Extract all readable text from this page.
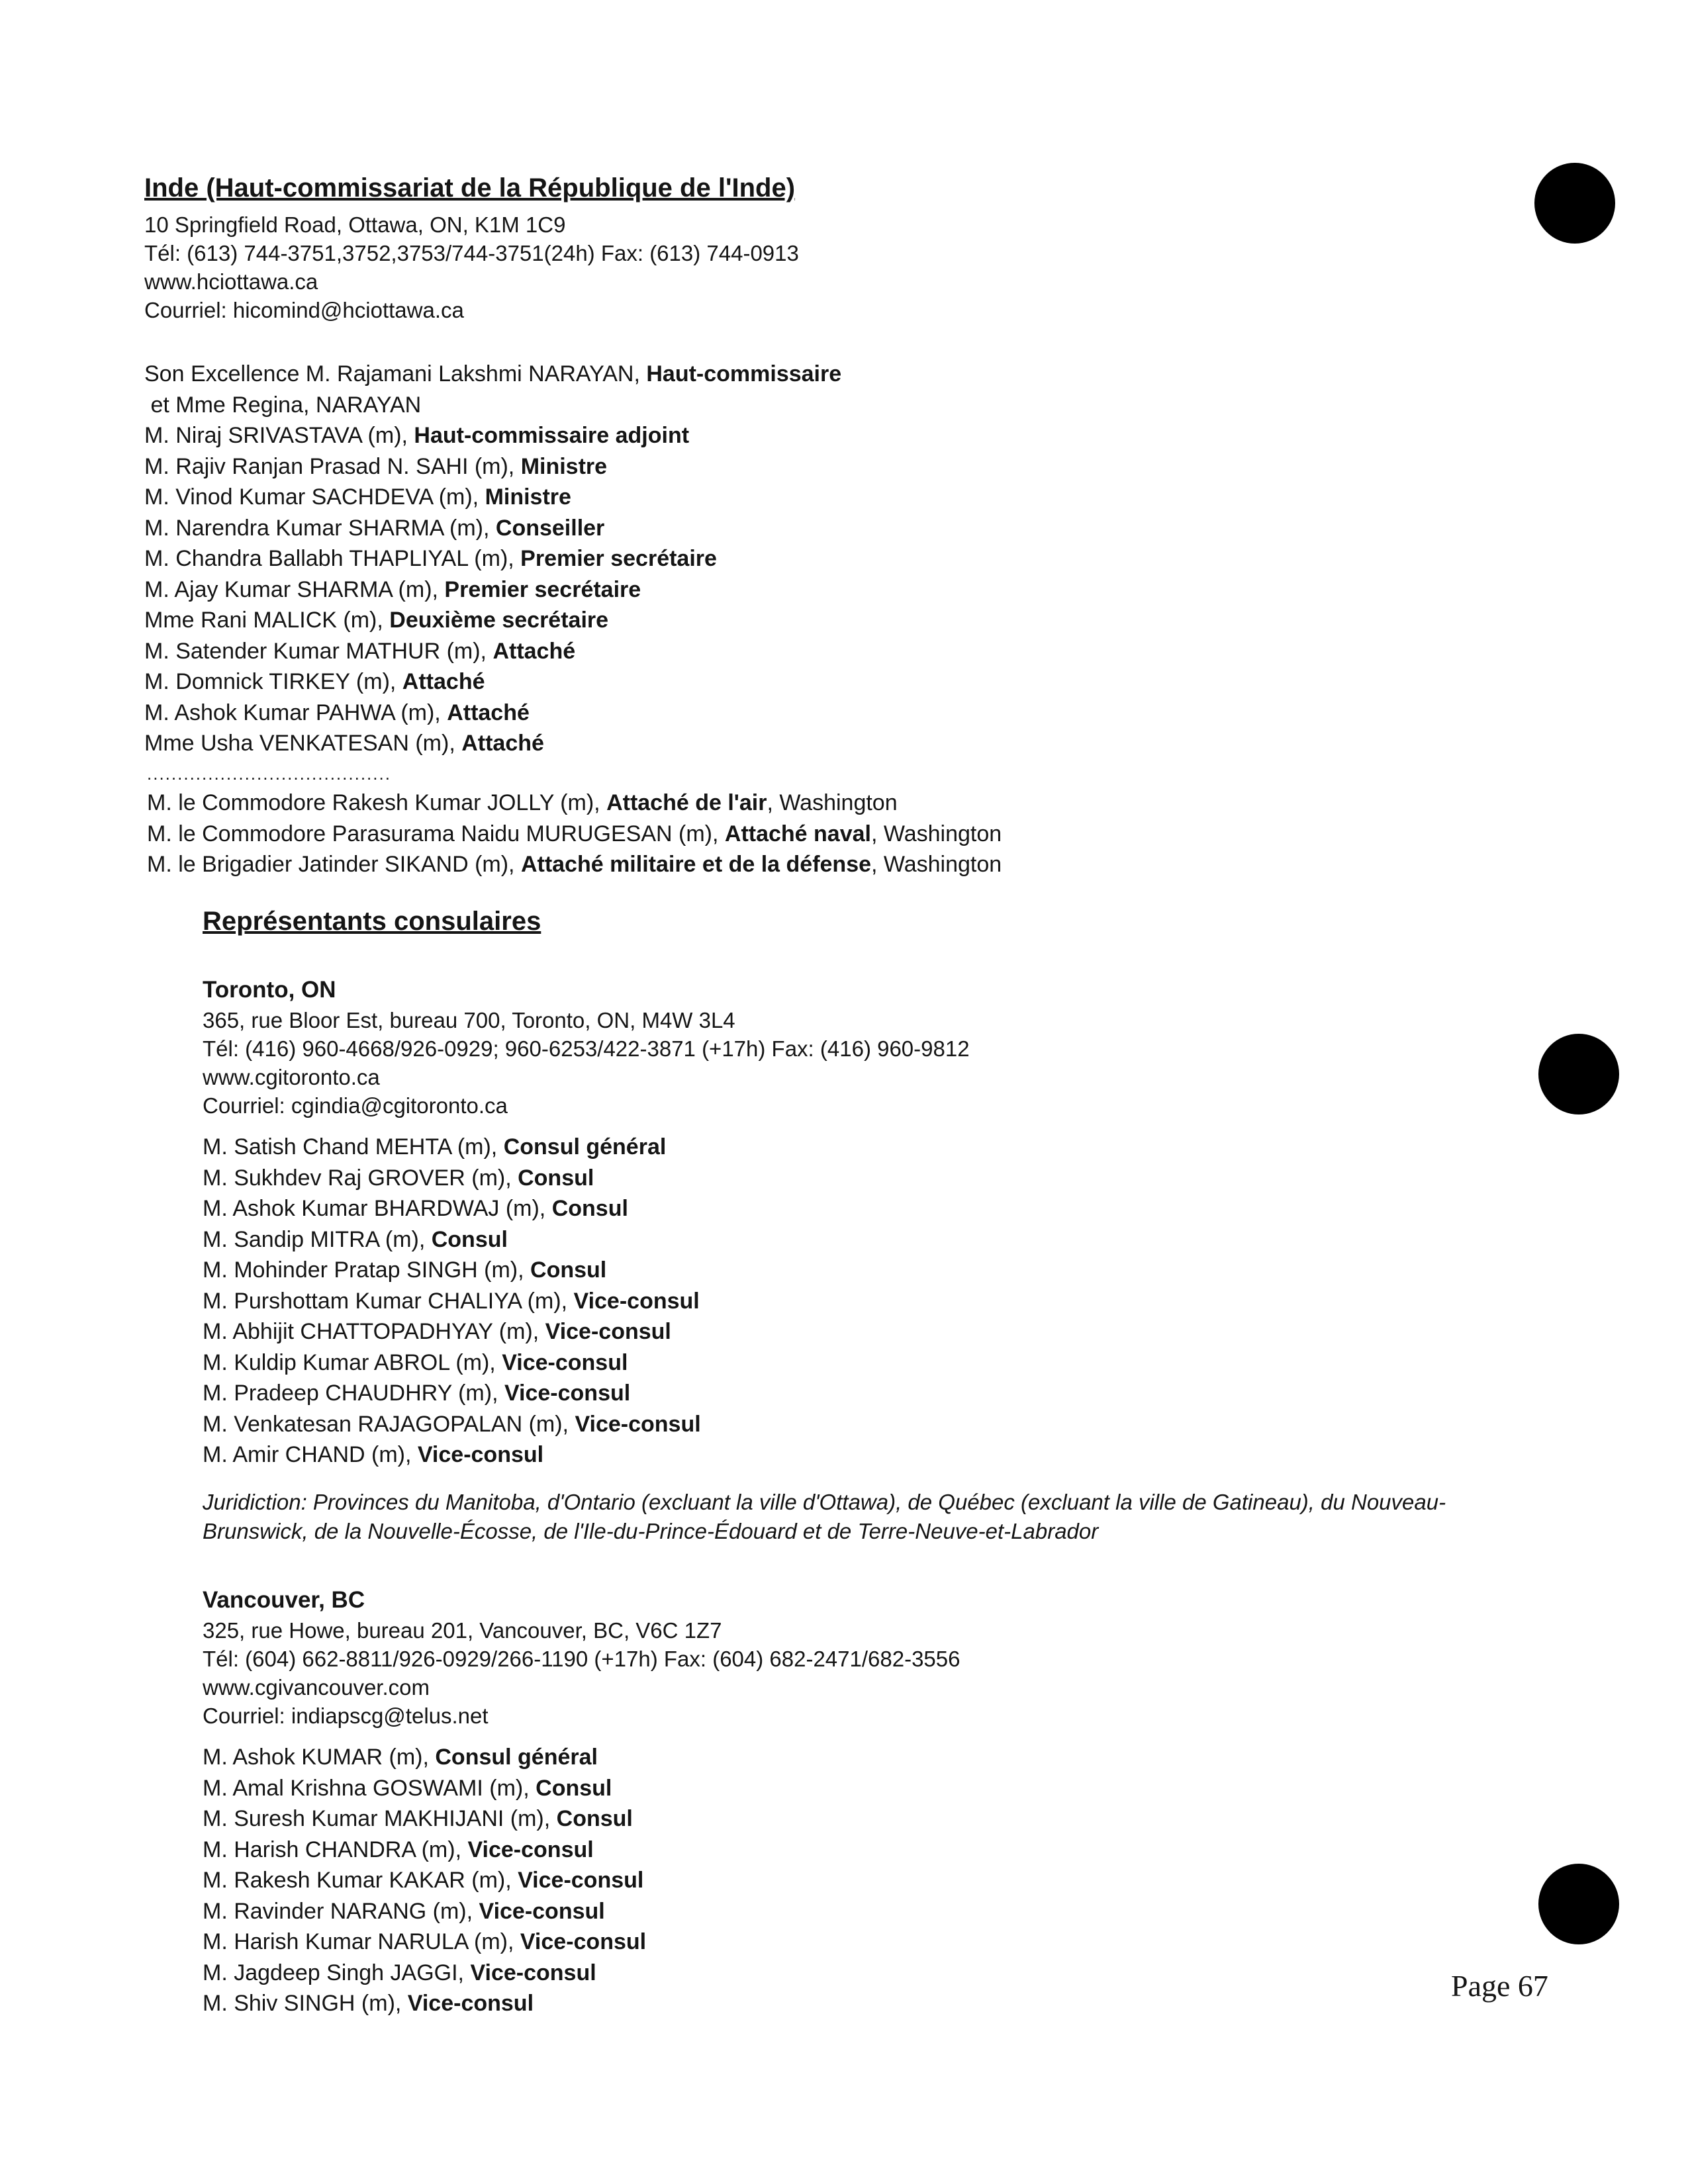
Inde (Haut-commissariat de la République de l'Inde)
10 Springfield Road, Ottawa, ON, K1M 1C9
Tél: (613) 744-3751,3752,3753/744-3751(24h) Fax: (613) 744-0913
www.hciottawa.ca
Courriel: hicomind@hciottawa.ca
Son Excellence M. Rajamani Lakshmi NARAYAN, Haut-commissaire
et Mme Regina, NARAYAN
M. Niraj SRIVASTAVA (m), Haut-commissaire adjoint
M. Rajiv Ranjan Prasad N. SAHI (m), Ministre
M. Vinod Kumar SACHDEVA (m), Ministre
M. Narendra Kumar SHARMA (m), Conseiller
M. Chandra Ballabh THAPLIYAL (m), Premier secrétaire
M. Ajay Kumar SHARMA (m), Premier secrétaire
Mme Rani MALICK (m), Deuxième secrétaire
M. Satender Kumar MATHUR (m), Attaché
M. Domnick TIRKEY (m), Attaché
M. Ashok Kumar PAHWA (m), Attaché
Mme Usha VENKATESAN (m), Attaché
........................................
M. le Commodore Rakesh Kumar JOLLY (m), Attaché de l'air, Washington
M. le Commodore Parasurama Naidu MURUGESAN (m), Attaché naval, Washington
M. le Brigadier Jatinder SIKAND (m), Attaché militaire et de la défense, Washington
Représentants consulaires
Toronto, ON
365, rue Bloor Est, bureau 700, Toronto, ON, M4W 3L4
Tél: (416) 960-4668/926-0929; 960-6253/422-3871 (+17h) Fax: (416) 960-9812
www.cgitoronto.ca
Courriel: cgindia@cgitoronto.ca
M. Satish Chand MEHTA (m), Consul général
M. Sukhdev Raj GROVER (m), Consul
M. Ashok Kumar BHARDWAJ (m), Consul
M. Sandip MITRA (m), Consul
M. Mohinder Pratap SINGH (m), Consul
M. Purshottam Kumar CHALIYA (m), Vice-consul
M. Abhijit CHATTOPADHYAY (m), Vice-consul
M. Kuldip Kumar ABROL (m), Vice-consul
M. Pradeep CHAUDHRY (m), Vice-consul
M. Venkatesan RAJAGOPALAN (m), Vice-consul
M. Amir CHAND (m), Vice-consul

Juridiction: Provinces du Manitoba, d'Ontario (excluant la ville d'Ottawa), de Québec (excluant la ville de Gatineau), du Nouveau-Brunswick, de la Nouvelle-Écosse, de l'Ile-du-Prince-Édouard et de Terre-Neuve-et-Labrador

Vancouver, BC
325, rue Howe, bureau 201, Vancouver, BC, V6C 1Z7
Tél: (604) 662-8811/926-0929/266-1190 (+17h) Fax: (604) 682-2471/682-3556
www.cgivancouver.com
Courriel: indiapscg@telus.net
M. Ashok KUMAR (m), Consul général
M. Amal Krishna GOSWAMI (m), Consul
M. Suresh Kumar MAKHIJANI (m), Consul
M. Harish CHANDRA (m), Vice-consul
M. Rakesh Kumar KAKAR (m), Vice-consul
M. Ravinder NARANG (m), Vice-consul
M. Harish Kumar NARULA (m), Vice-consul
M. Jagdeep Singh JAGGI, Vice-consul
M. Shiv SINGH (m), Vice-consul
Page 67
